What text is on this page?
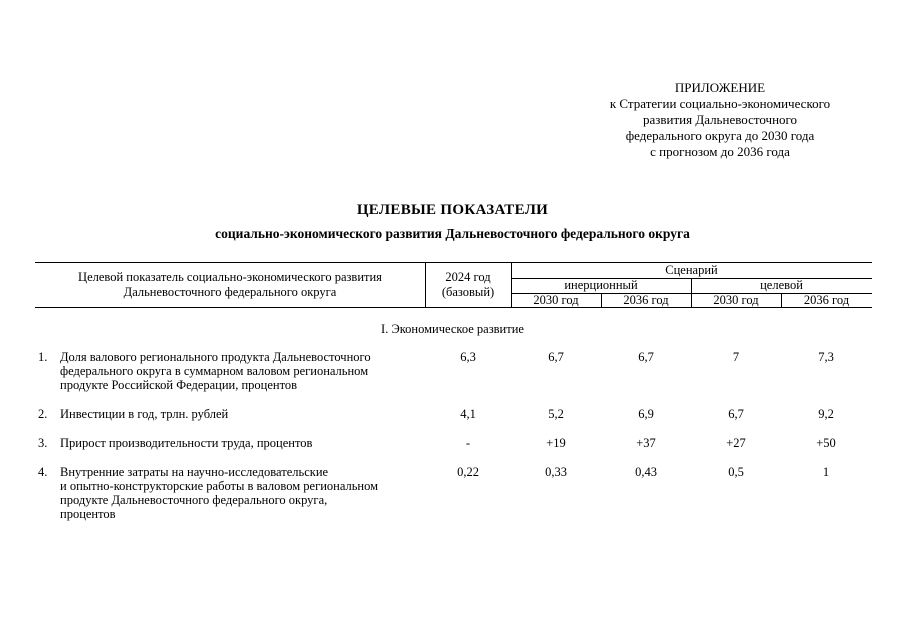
ПРИЛОЖЕНИЕ
к Стратегии социально-экономического
развития Дальневосточного
федерального округа до 2030 года
с прогнозом до 2036 года
ЦЕЛЕВЫЕ ПОКАЗАТЕЛИ
социально-экономического развития Дальневосточного федерального округа
Целевой показатель социально-экономического развития
Дальневосточного федерального округа
2024 год
(базовый)
Сценарий
инерционный	целевой
2030 год	2036 год	2030 год	2036 год
I. Экономическое развитие
1. Доля валового регионального продукта Дальневосточного
федерального округа в суммарном валовом региональном
продукте Российской Федерации, процентов
6,3	6,7	6,7	7	7,3
2. Инвестиции в год, трлн. рублей	4,1	5,2	6,9	6,7	9,2
3. Прирост производительности труда, процентов	-	+19	+37	+27	+50
4. Внутренние затраты на научно-исследовательские
и опытно-конструкторские работы в валовом региональном
продукте Дальневосточного федерального округа,
процентов
0,22	0,33	0,43	0,5	1
